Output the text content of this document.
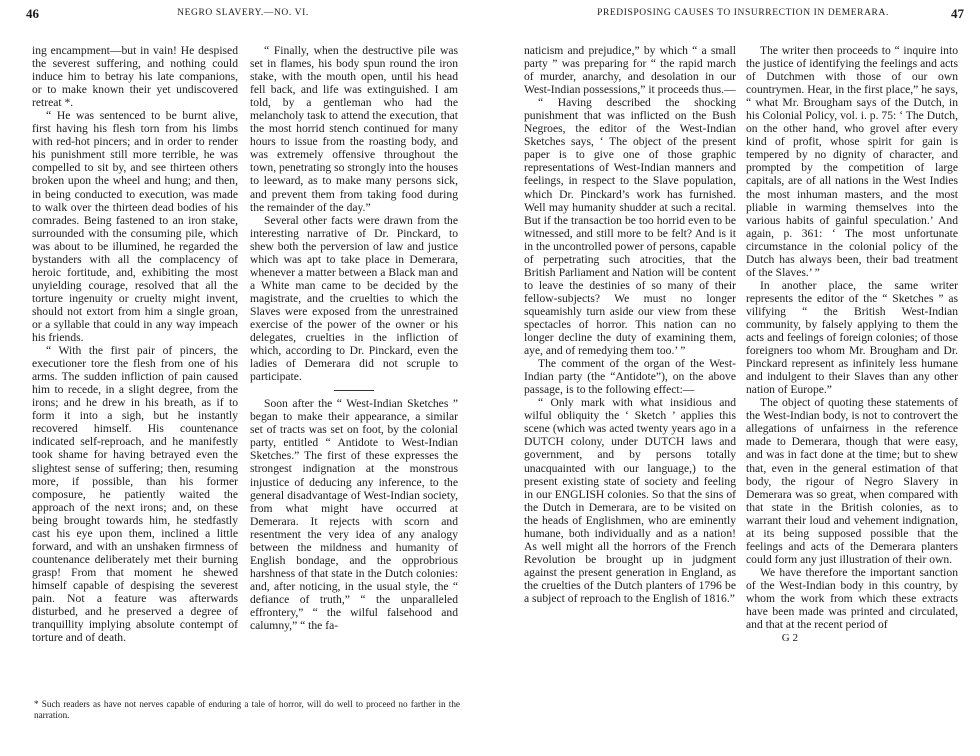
46	NEGRO SLAVERY.—NO. VI.

ing encampment—but in vain! He despised the severest suffering, and nothing could induce him to betray his late companions, or to make known their yet undiscovered retreat *.

“ He was sentenced to be burnt alive, first having his flesh torn from his limbs with red-hot pincers; and in order to render his punishment still more terrible, he was compelled to sit by, and see thirteen others broken upon the wheel and hung; and then, in being conducted to execution, was made to walk over the thirteen dead bodies of his comrades. Being fastened to an iron stake, surrounded with the consuming pile, which was about to be illumined, he regarded the bystanders with all the complacency of heroic fortitude, and, exhibiting the most unyielding courage, resolved that all the torture ingenuity or cruelty might invent, should not extort from him a single groan, or a syllable that could in any way impeach his friends.

“ With the first pair of pincers, the executioner tore the flesh from one of his arms. The sudden infliction of pain caused him to recede, in a slight degree, from the irons; and he drew in his breath, as if to form it into a sigh, but he instantly recovered himself. His countenance indicated self-reproach, and he manifestly took shame for having betrayed even the slightest sense of suffering; then, resuming more, if possible, than his former composure, he patiently waited the approach of the next irons; and, on these being brought towards him, he stedfastly cast his eye upon them, inclined a little forward, and with an unshaken firmness of countenance deliberately met their burning grasp! From that moment he shewed himself capable of despising the severest pain. Not a feature was afterwards disturbed, and he preserved a degree of tranquillity implying absolute contempt of torture and of death.

“ Finally, when the destructive pile was set in flames, his body spun round the iron stake, with the mouth open, until his head fell back, and life was extinguished. I am told, by a gentleman who had the melancholy task to attend the execution, that the most horrid stench continued for many hours to issue from the roasting body, and was extremely offensive throughout the town, penetrating so strongly into the houses to leeward, as to make many persons sick, and prevent them from taking food during the remainder of the day.”

Several other facts were drawn from the interesting narrative of Dr. Pinckard, to shew both the perversion of law and justice which was apt to take place in Demerara, whenever a matter between a Black man and a White man came to be decided by the magistrate, and the cruelties to which the Slaves were exposed from the unrestrained exercise of the power of the owner or his delegates, cruelties in the infliction of which, according to Dr. Pinckard, even the ladies of Demerara did not scruple to participate.

Soon after the “ West-Indian Sketches ” began to make their appearance, a similar set of tracts was set on foot, by the colonial party, entitled “ Antidote to West-Indian Sketches.” The first of these expresses the strongest indignation at the monstrous injustice of deducing any inference, to the general disadvantage of West-Indian society, from what might have occurred at Demerara. It rejects with scorn and resentment the very idea of any analogy between the mildness and humanity of English bondage, and the opprobrious harshness of that state in the Dutch colonies: and, after noticing, in the usual style, the “ defiance of truth,” “ the unparalleled effrontery,” “ the wilful falsehood and calumny,” “ the fa-

* Such readers as have not nerves capable of enduring a tale of horror, will do well to proceed no farther in the narration.
PREDISPOSING CAUSES TO INSURRECTION IN DEMERARA.	47

naticism and prejudice,” by which “ a small party ” was preparing for “ the rapid march of murder, anarchy, and desolation in our West-Indian possessions,” it proceeds thus.—

“ Having described the shocking punishment that was inflicted on the Bush Negroes, the editor of the West-Indian Sketches says, ‘ The object of the present paper is to give one of those graphic representations of West-Indian manners and feelings, in respect to the Slave population, which Dr. Pinckard’s work has furnished. Well may humanity shudder at such a recital. But if the transaction be too horrid even to be witnessed, and still more to be felt? And is it in the uncontrolled power of persons, capable of perpetrating such atrocities, that the British Parliament and Nation will be content to leave the destinies of so many of their fellow-subjects? We must no longer squeamishly turn aside our view from these spectacles of horror. This nation can no longer decline the duty of examining them, aye, and of remedying them too.’ ”

The comment of the organ of the West-Indian party (the “Antidote”), on the above passage, is to the following effect:—

“ Only mark with what insidious and wilful obliquity the ‘ Sketch ’ applies this scene (which was acted twenty years ago in a DUTCH colony, under DUTCH laws and government, and by persons totally unacquainted with our language,) to the present existing state of society and feeling in our ENGLISH colonies. So that the sins of the Dutch in Demerara, are to be visited on the heads of Englishmen, who are eminently humane, both individually and as a nation! As well might all the horrors of the French Revolution be brought up in judgment against the present generation in England, as the cruelties of the Dutch planters of 1796 be a subject of reproach to the English of 1816.”

The writer then proceeds to “ inquire into the justice of identifying the feelings and acts of Dutchmen with those of our own countrymen. Hear, in the first place,” he says, “ what Mr. Brougham says of the Dutch, in his Colonial Policy, vol. i. p. 75: ‘ The Dutch, on the other hand, who grovel after every kind of profit, whose spirit for gain is tempered by no dignity of character, and prompted by the competition of large capitals, are of all nations in the West Indies the most inhuman masters, and the most pliable in warming themselves into the various habits of gainful speculation.’ And again, p. 361: ‘ The most unfortunate circumstance in the colonial policy of the Dutch has always been, their bad treatment of the Slaves.’ ”

In another place, the same writer represents the editor of the “ Sketches ” as vilifying “ the British West-Indian community, by falsely applying to them the acts and feelings of foreign colonies; of those foreigners too whom Mr. Brougham and Dr. Pinckard represent as infinitely less humane and indulgent to their Slaves than any other nation of Europe.”

The object of quoting these statements of the West-Indian body, is not to controvert the allegations of unfairness in the reference made to Demerara, though that were easy, and was in fact done at the time; but to shew that, even in the general estimation of that body, the rigour of Negro Slavery in Demerara was so great, when compared with that state in the British colonies, as to warrant their loud and vehement indignation, at its being supposed possible that the feelings and acts of the Demerara planters could form any just illustration of their own.

We have therefore the important sanction of the West-Indian body in this country, by whom the work from which these extracts have been made was printed and circulated, and that at the recent period of

G 2
